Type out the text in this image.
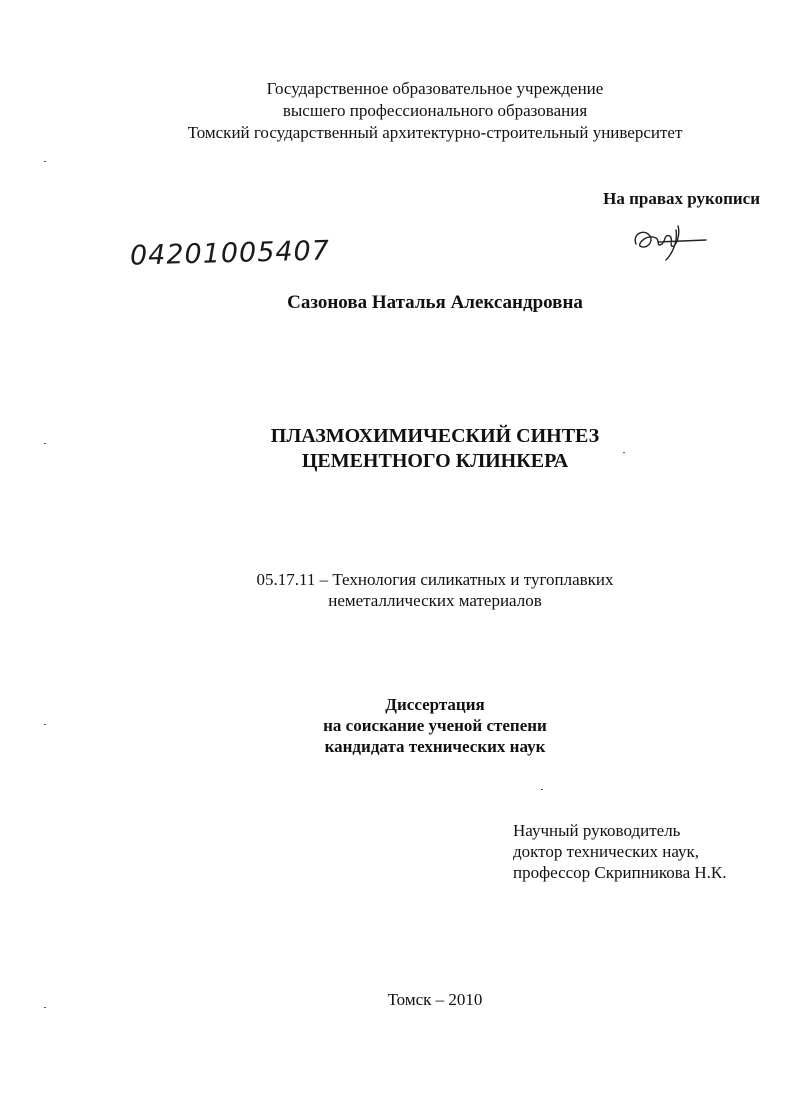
Государственное образовательное учреждение
высшего профессионального образования
Томский государственный архитектурно-строительный университет
На правах рукописи
04201005407
Сазонова Наталья Александровна
ПЛАЗМОХИМИЧЕСКИЙ СИНТЕЗ
ЦЕМЕНТНОГО КЛИНКЕРА
05.17.11 – Технология силикатных и тугоплавких
неметаллических материалов
Диссертация
на соискание ученой степени
кандидата технических наук
Научный руководитель
доктор технических наук,
профессор Скрипникова Н.К.
Томск – 2010
